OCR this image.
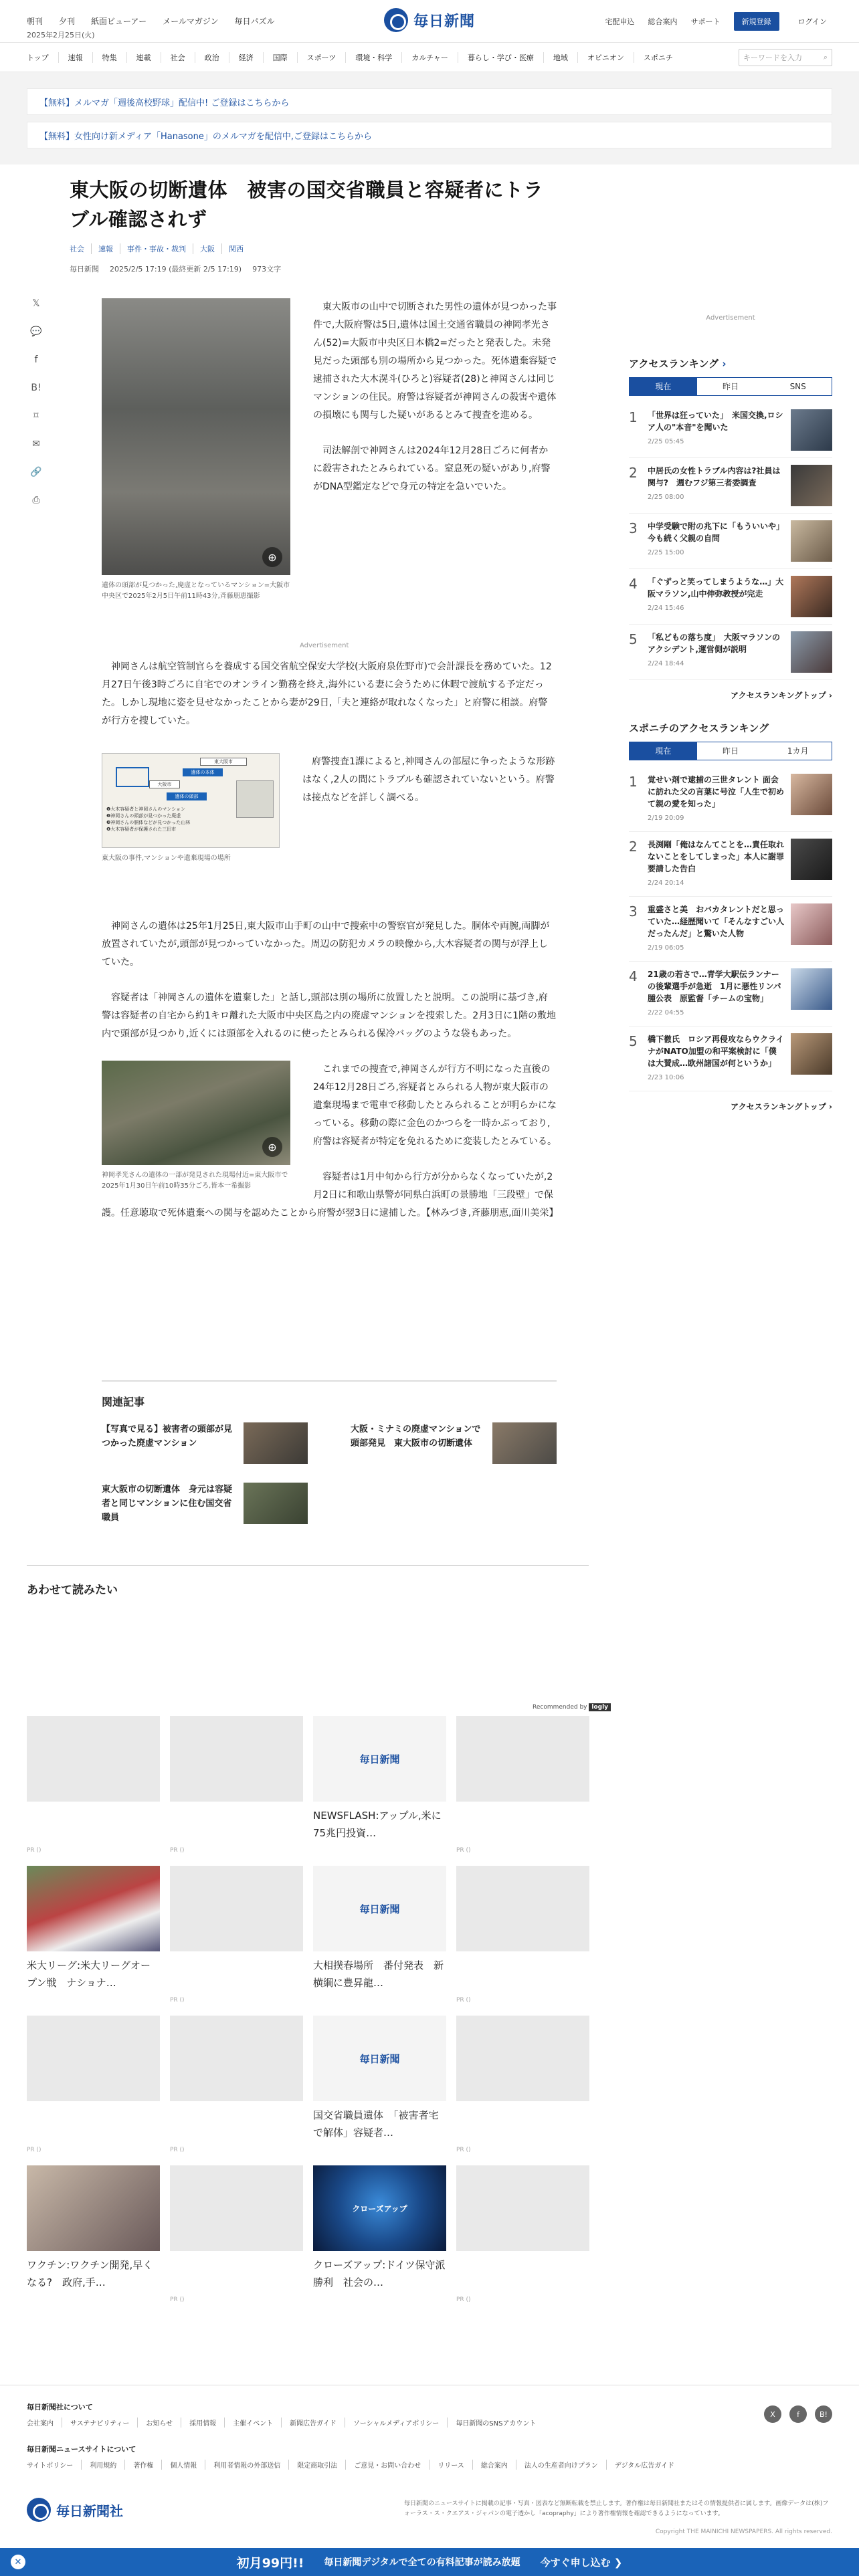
朝刊 夕刊 紙面ビューアー メールマガジン 毎日パズル
2025年2月25日(火)
毎日新聞	宅配申込 総合案内 サポート	新規登録	ログイン
トップ	速報	特集	連載	社会	政治	経済	国際	スポーツ	環境・科学	カルチャー	暮らし・学び・医療	地域	オピニオン	スポニチ	キーワードを入力	⌕
【無料】メルマガ「週後高校野球」配信中! ご登録はこちらから
【無料】女性向け新メディア「Hanasone」のメルマガを配信中,ご登録はこちらから
𝕏
💬
f
B!
⌑
✉
🔗
⎙
東大阪の切断遺体　被害の国交省職員と容疑者にトラブル確認されず
社会	速報	事件・事故・裁判	大阪	関西
毎日新聞 2025/2/5 17:19 (最終更新 2/5 17:19) 973文字
⊕
遺体の頭部が見つかった,廃虚となっているマンション=大阪市中央区で2025年2月5日午前11時43分,斉藤朋恵撮影

東大阪市の山中で切断された男性の遺体が見つかった事件で,大阪府警は5日,遺体は国土交通省職員の神岡孝光さん(52)=大阪市中央区日本橋2=だったと発表した。未発見だった頭部も別の場所から見つかった。死体遺棄容疑で逮捕された大木滉斗(ひろと)容疑者(28)と神岡さんは同じマンションの住民。府警は容疑者が神岡さんの殺害や遺体の損壊にも関与した疑いがあるとみて捜査を進める。

司法解剖で神岡さんは2024年12月28日ごろに何者かに殺害されたとみられている。窒息死の疑いがあり,府警がDNA型鑑定などで身元の特定を急いでいた。

Advertisement

神岡さんは航空管制官らを養成する国交省航空保安大学校(大阪府泉佐野市)で会計課長を務めていた。12月27日午後3時ごろに自宅でのオンライン勤務を終え,海外にいる妻に会うために休暇で渡航する予定だった。しかし現地に姿を見せなかったことから妻が29日,「夫と連絡が取れなくなった」と府警に相談。府警が行方を捜していた。

東大阪市
大阪市
遺体の本体
遺体の頭部
❶大木容疑者と神岡さんのマンション
❷神岡さんの頭部が見つかった廃虚
❸神岡さんの胴体などが見つかった山林
❹大木容疑者が保護された三田市
東大阪の事件,マンションや遺棄現場の場所

府警捜査1課によると,神岡さんの部屋に争ったような形跡はなく,2人の間にトラブルも確認されていないという。府警は接点などを詳しく調べる。

神岡さんの遺体は25年1月25日,東大阪市山手町の山中で捜索中の警察官が発見した。胴体や両腕,両脚が放置されていたが,頭部が見つかっていなかった。周辺の防犯カメラの映像から,大木容疑者の関与が浮上していた。

容疑者は「神岡さんの遺体を遺棄した」と話し,頭部は別の場所に放置したと説明。この説明に基づき,府警は容疑者の自宅から約1キロ離れた大阪市中央区島之内の廃虚マンションを捜索した。2月3日に1階の敷地内で頭部が見つかり,近くには頭部を入れるのに使ったとみられる保冷バッグのような袋もあった。

⊕
神岡孝光さんの遺体の一部が発見された現場付近=東大阪市で2025年1月30日午前10時35分ごろ,皆本一希撮影

これまでの捜査で,神岡さんが行方不明になった直後の24年12月28日ごろ,容疑者とみられる人物が東大阪市の遺棄現場まで電車で移動したとみられることが明らかになっている。移動の際に金色のかつらを一時かぶっており,府警は容疑者が特定を免れるために変装したとみている。

容疑者は1月中旬から行方が分からなくなっていたが,2月2日に和歌山県警が同県白浜町の景勝地「三段壁」で保護。任意聴取で死体遺棄への関与を認めたことから府警が翌3日に逮捕した。【林みづき,斉藤朋恵,面川美栄】

関連記事
【写真で見る】被害者の頭部が見つかった廃虚マンション
大阪・ミナミの廃虚マンションで頭部発見　東大阪市の切断遺体
東大阪市の切断遺体　身元は容疑者と同じマンションに住む国交省職員
Advertisement
アクセスランキング ›
現在	昨日	SNS
1	「世界は狂っていた」　米国交換,ロシア人の"本音"を聞いた
2/25 05:45
2	中居氏の女性トラブル内容は?社員は関与?　週むフジ第三者委調査
2/25 08:00
3	中学受験で附の兆下に「もういいや」　今も続く父親の自問
2/25 15:00
4	「ぐずっと笑ってしまうような…」大阪マラソン,山中伸弥教授が完走
2/24 15:46
5	「私どもの落ち度」　大阪マラソンのアクシデント,運営側が説明
2/24 18:44
アクセスランキングトップ ›
スポニチのアクセスランキング
現在	昨日	1カ月
1	覚せい剤で逮捕の三世タレント 面会に訪れた父の言葉に号泣「人生で初めて親の愛を知った」
2/19 20:09
2	長渕剛「俺はなんてことを…責任取れないことをしてしまった」本人に謝罪要請した告白
2/24 20:14
3	重盛さと美　おバカタレントだと思っていた…経歴聞いて「そんなすごい人だったんだ」と驚いた人物
2/19 06:05
4	21歳の若さで…青学大駅伝ランナーの後輩選手が急逝　1月に悪性リンパ腫公表　原監督「チームの宝物」
2/22 04:55
5	橋下徹氏　ロシア再侵攻ならウクライナがNATO加盟の和平案検討に「僕は大賛成…欧州諸国が何というか」
2/23 10:06
アクセスランキングトップ ›
あわせて読みたい
Recommended by logly
PR ()	PR ()
毎日新聞
NEWSFLASH:アップル,米に75兆円投資…
PR ()
米大リーグ:米大リーグオープン戦　ナショナ…
PR ()
毎日新聞
大相撲春場所　番付発表　新横綱に豊昇龍…
PR ()
PR ()	PR ()
毎日新聞
国交省職員遺体　「被害者宅で解体」容疑者…
PR ()
ワクチン:ワクチン開発,早くなる?　政府,手…
PR ()
クローズアップ
クローズアップ:ドイツ保守派勝利　社会の…
PR ()
毎日新聞社について
会社案内	サステナビリティー	お知らせ	採用情報	主催イベント	新聞広告ガイド	ソーシャルメディアポリシー	毎日新聞のSNSアカウント
毎日新聞ニュースサイトについて
サイトポリシー	利用規約	著作権	個人情報	利用者情報の外部送信	限定商取引法	ご意見・お問い合わせ	リリース	総合案内	法人の生産者向けプラン	デジタル広告ガイド
X	f	B!
毎日新聞社	毎日新聞のニュースサイトに掲載の記事・写真・図表など無断転載を禁止します。著作権は毎日新聞社またはその情報提供者に属します。画像データは(株)フォーラス・ス・クエアス・ジャパンの電子透かし「acopraphy」により著作権情報を確認できるようになっています。
Copyright THE MAINICHI NEWSPAPERS. All rights reserved.
✕	初月99円!! 毎日新聞デジタルで全ての有料記事が読み放題 今すぐ申し込む ❯
